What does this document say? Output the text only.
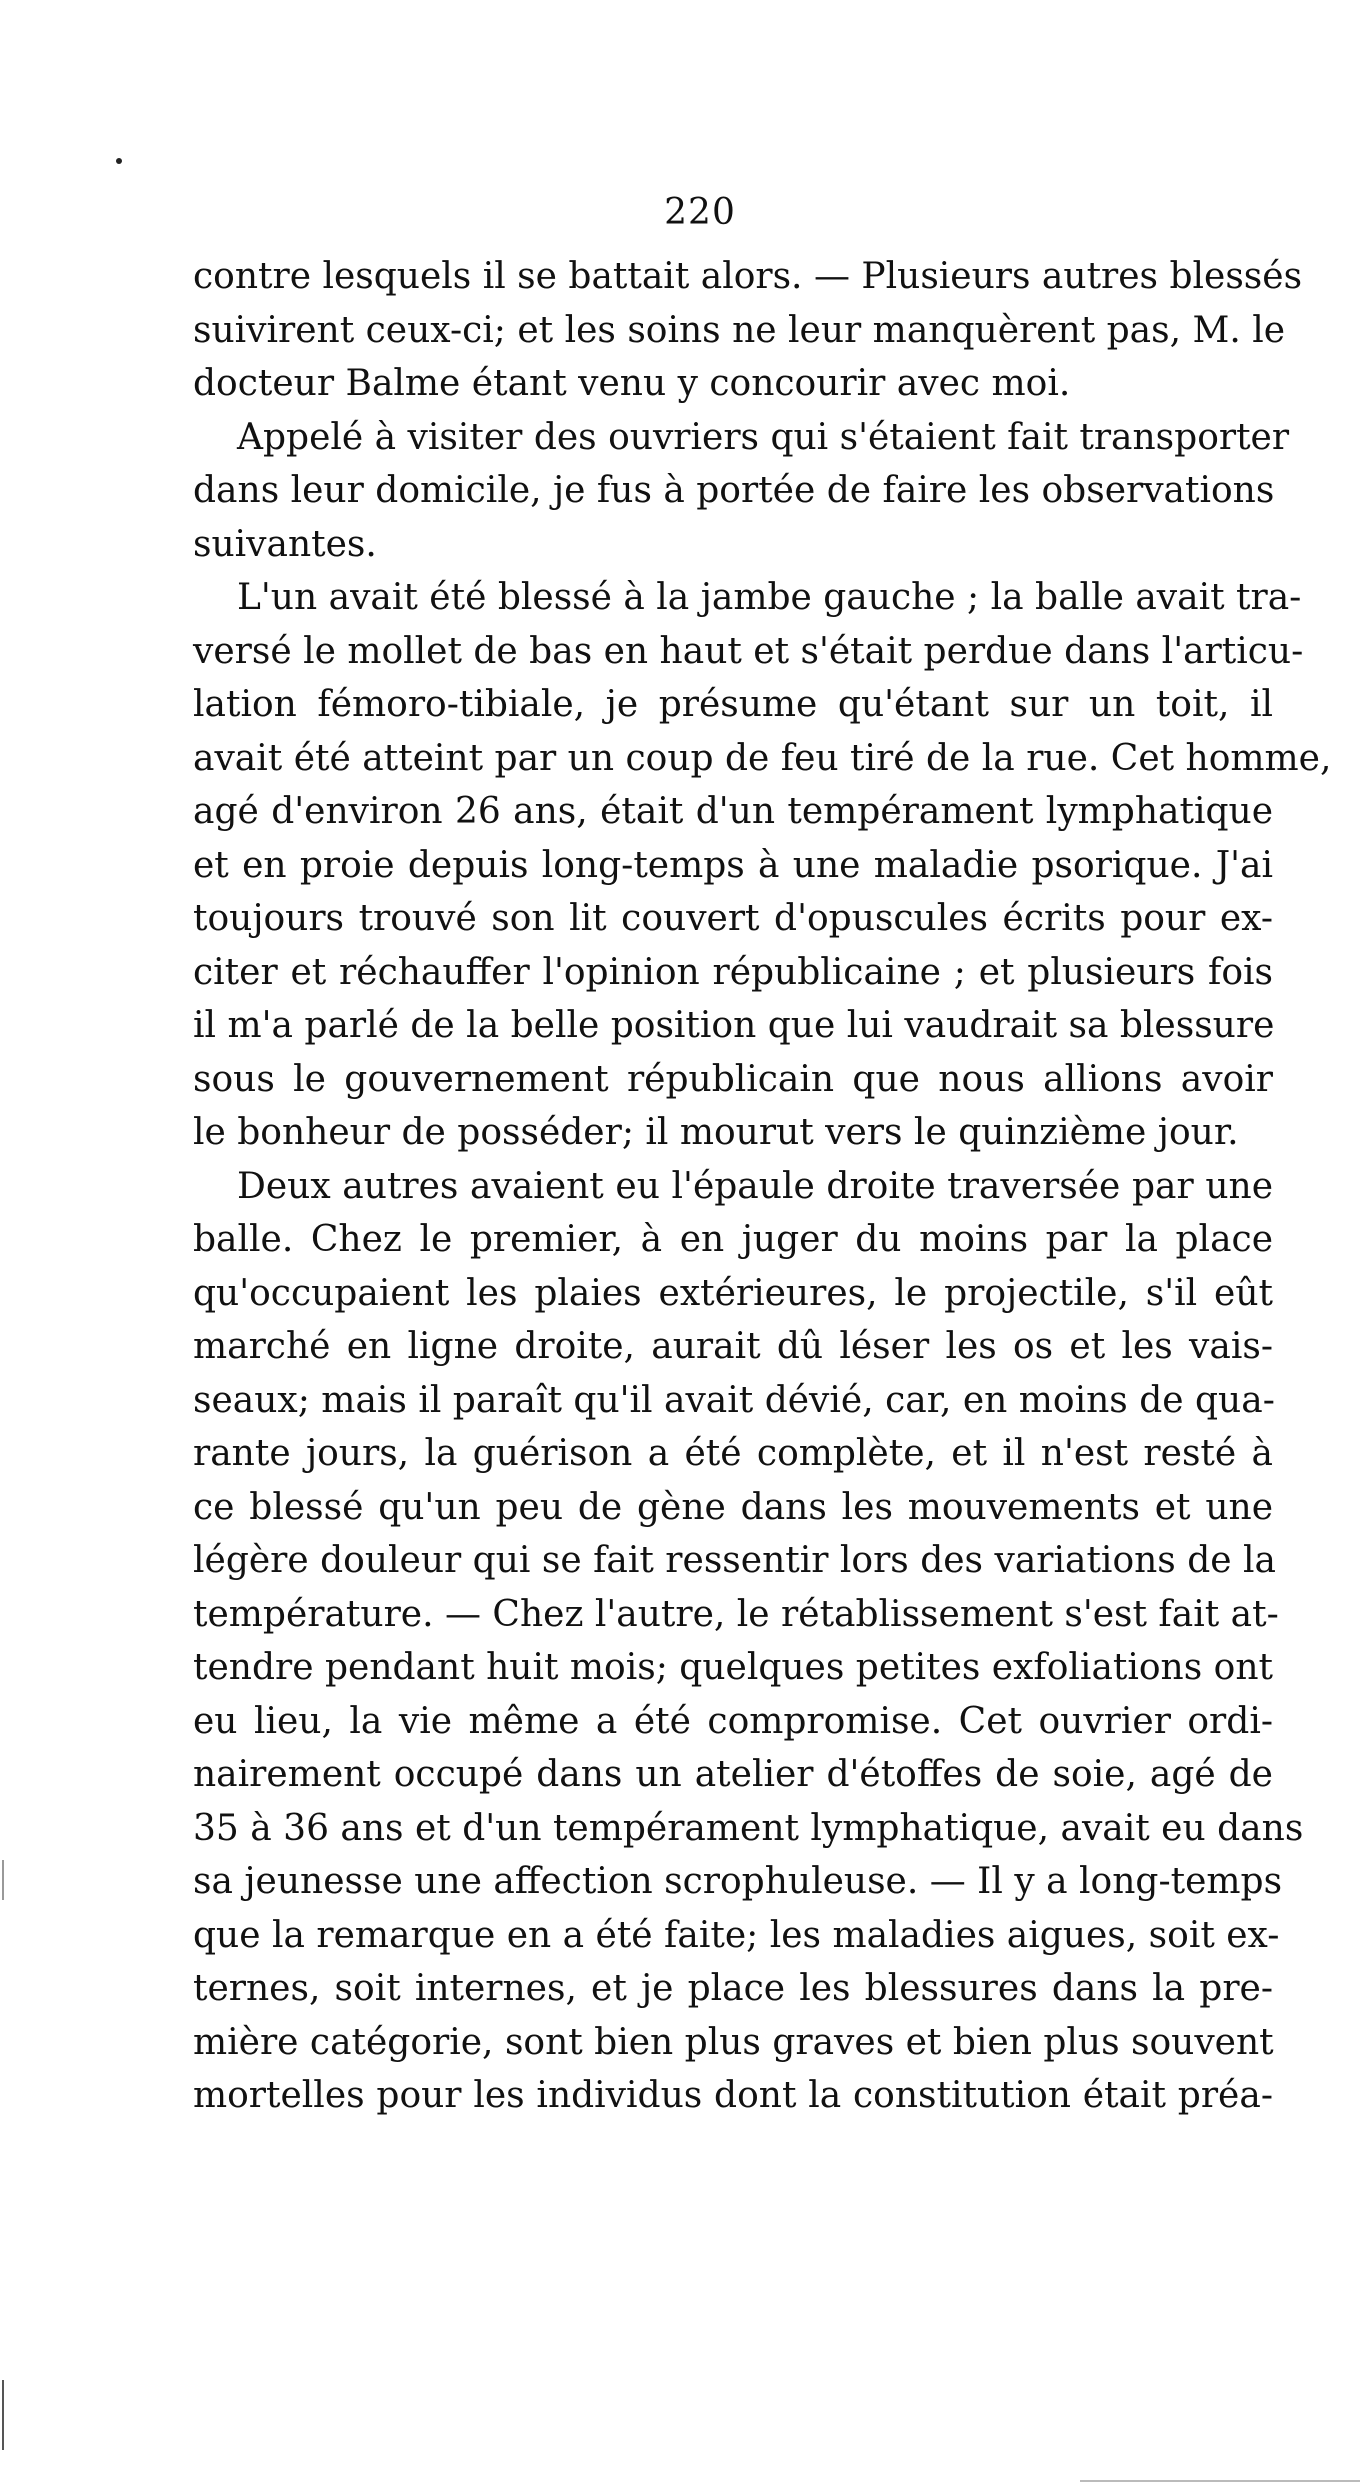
220
contre lesquels il se battait alors. — Plusieurs autres blessés
suivirent ceux-ci; et les soins ne leur manquèrent pas, M. le
docteur Balme étant venu y concourir avec moi.
Appelé à visiter des ouvriers qui s'étaient fait transporter
dans leur domicile, je fus à portée de faire les observations
suivantes.
L'un avait été blessé à la jambe gauche ; la balle avait tra-
versé le mollet de bas en haut et s'était perdue dans l'articu-
lation fémoro-tibiale, je présume qu'étant sur un toit, il
avait été atteint par un coup de feu tiré de la rue. Cet homme,
agé d'environ 26 ans, était d'un tempérament lymphatique
et en proie depuis long-temps à une maladie psorique. J'ai
toujours trouvé son lit couvert d'opuscules écrits pour ex-
citer et réchauffer l'opinion républicaine ; et plusieurs fois
il m'a parlé de la belle position que lui vaudrait sa blessure
sous le gouvernement républicain que nous allions avoir
le bonheur de posséder; il mourut vers le quinzième jour.
Deux autres avaient eu l'épaule droite traversée par une
balle. Chez le premier, à en juger du moins par la place
qu'occupaient les plaies extérieures, le projectile, s'il eût
marché en ligne droite, aurait dû léser les os et les vais-
seaux; mais il paraît qu'il avait dévié, car, en moins de qua-
rante jours, la guérison a été complète, et il n'est resté à
ce blessé qu'un peu de gène dans les mouvements et une
légère douleur qui se fait ressentir lors des variations de la
température. — Chez l'autre, le rétablissement s'est fait at-
tendre pendant huit mois; quelques petites exfoliations ont
eu lieu, la vie même a été compromise. Cet ouvrier ordi-
nairement occupé dans un atelier d'étoffes de soie, agé de
35 à 36 ans et d'un tempérament lymphatique, avait eu dans
sa jeunesse une affection scrophuleuse. — Il y a long-temps
que la remarque en a été faite; les maladies aigues, soit ex-
ternes, soit internes, et je place les blessures dans la pre-
mière catégorie, sont bien plus graves et bien plus souvent
mortelles pour les individus dont la constitution était préa-
